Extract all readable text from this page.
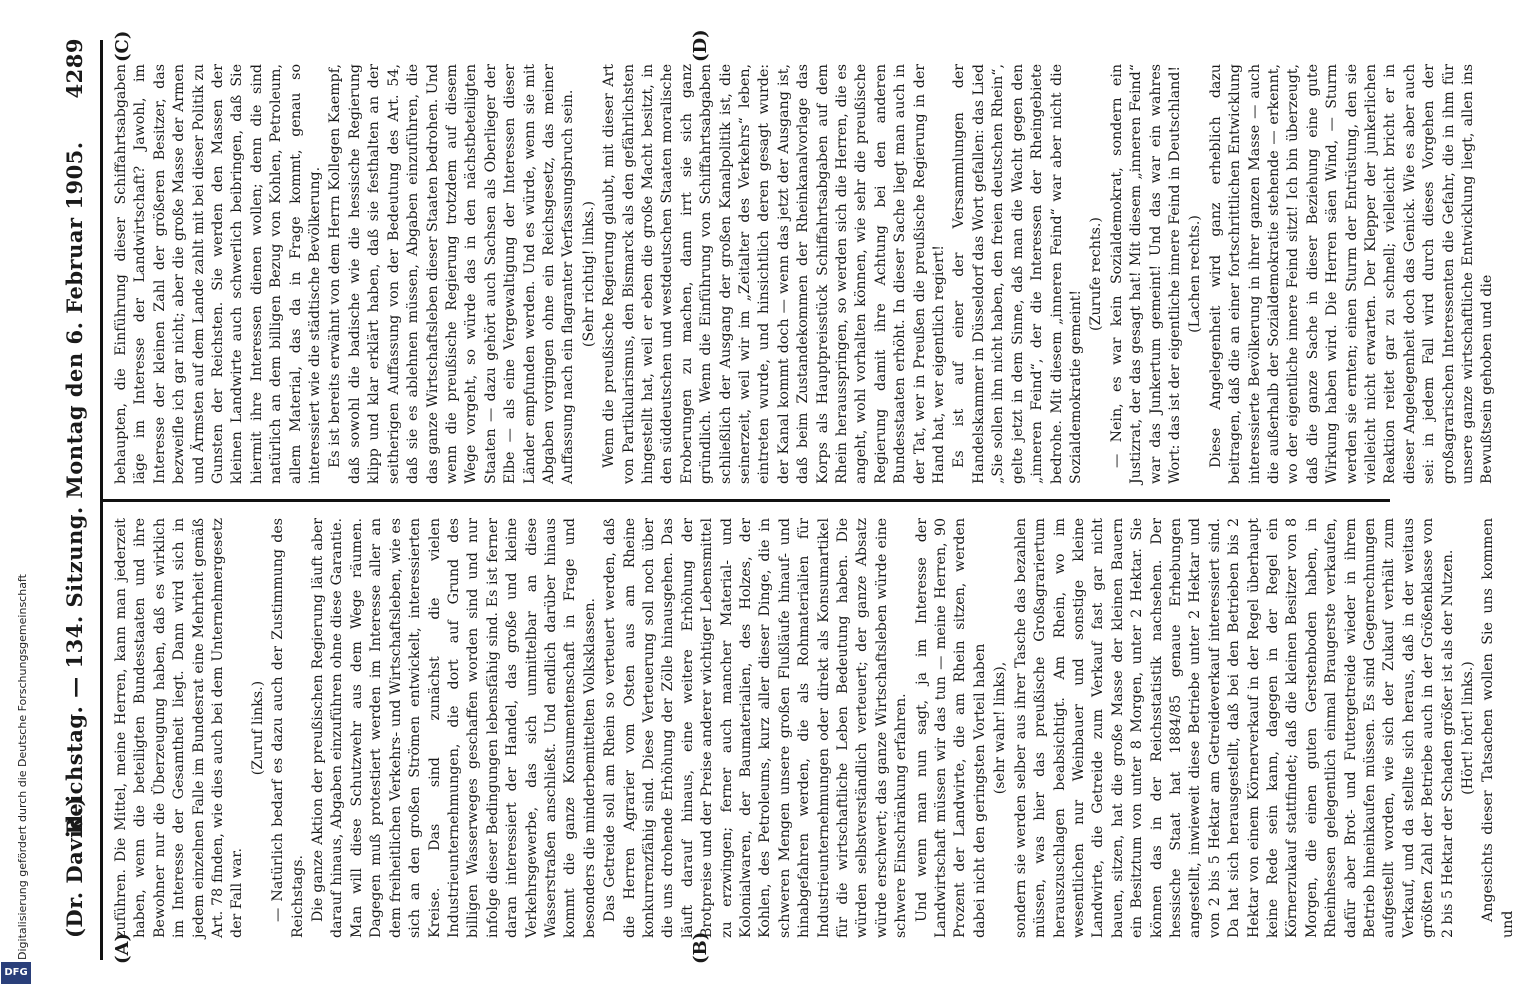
(Dr. David.)
Reichstag. — 134. Sitzung. Montag den 6. Februar 1905.
4289
(A)	(B)
(C)	(D)

zuführen. Die Mittel, meine Herren, kann man jederzeit haben, wenn die beteiligten Bundesstaaten und ihre Bewohner nur die Überzeugung haben, daß es wirklich im Interesse der Gesamtheit liegt. Dann wird sich in jedem einzelnen Falle im Bundesrat eine Mehrheit gemäß Art. 78 finden, wie dies auch bei dem Unternehmergesetz der Fall war.

(Zuruf links.) — Natürlich bedarf es dazu auch der Zustimmung des Reichstags. Die ganze Aktion der preußischen Regierung läuft aber darauf hinaus, Abgaben einzuführen ohne diese Garantie. Man will diese Schutzwehr aus dem Wege räumen. Dagegen muß protestiert werden im Interesse aller an dem freiheitlichen Verkehrs- und Wirtschaftsleben, wie es sich an den großen Strömen entwickelt, interessierten Kreise. Das sind zunächst die vielen Industrieunternehmungen, die dort auf Grund des billigen Wasserweges geschaffen worden sind und nur infolge dieser Bedingungen lebensfähig sind. Es ist ferner daran interessiert der Handel, das große und kleine Verkehrsgewerbe, das sich unmittelbar an diese Wasserstraßen anschließt. Und endlich darüber hinaus kommt die ganze Konsumentenschaft in Frage und besonders die minderbemittelten Volksklassen. Das Getreide soll am Rhein so verteuert werden, daß die Herren Agrarier vom Osten aus am Rheine konkurrenzfähig sind. Diese Verteuerung soll noch über die uns drohende Erhöhung der Zölle hinausgehen. Das läuft darauf hinaus, eine weitere Erhöhung der Brotpreise und der Preise anderer wichtiger Lebensmittel zu erzwingen; ferner auch mancher Material- und Kolonialwaren, der Baumaterialien, des Holzes, der Kohlen, des Petroleums, kurz aller dieser Dinge, die in schweren Mengen unsere großen Flußläufe hinauf- und hinabgefahren werden, die als Rohmaterialien für Industrieunternehmungen oder direkt als Konsumartikel für die wirtschaftliche Leben Bedeutung haben. Die würden selbstverständlich verteuert; der ganze Absatz würde erschwert; das ganze Wirtschaftsleben würde eine schwere Einschränkung erfahren. Und wenn man nun sagt, ja im Interesse der Landwirtschaft müssen wir das tun — meine Herren, 90 Prozent der Landwirte, die am Rhein sitzen, werden dabei nicht den geringsten Vorteil haben (sehr wahr! links), sondern sie werden selber aus ihrer Tasche das bezahlen müssen, was hier das preußische Großagrariertum herauszuschlagen beabsichtigt. Am Rhein, wo im wesentlichen nur Weinbauer und sonstige kleine Landwirte, die Getreide zum Verkauf fast gar nicht bauen, sitzen, hat die große Masse der kleinen Bauern ein Besitztum von unter 8 Morgen, unter 2 Hektar. Sie können das in der Reichsstatistik nachsehen. Der hessische Staat hat 1884/85 genaue Erhebungen angestellt, inwieweit diese Betriebe unter 2 Hektar und von 2 bis 5 Hektar am Getreideverkauf interessiert sind. Da hat sich herausgestellt, daß bei den Betrieben bis 2 Hektar von einem Körnerverkauf in der Regel überhaupt keine Rede sein kann, dagegen in der Regel ein Körnerzukauf stattfindet; daß die kleinen Besitzer von 8 Morgen, die einen guten Gerstenboden haben, in Rheinhessen gelegentlich einmal Braugerste verkaufen, dafür aber Brot- und Futtergetreide wieder in ihrem Betrieb hineinkaufen müssen. Es sind Gegenrechnungen aufgestellt worden, wie sich der Zukauf verhält zum Verkauf, und da stellte sich heraus, daß in der weitaus größten Zahl der Betriebe auch in der Größenklasse von 2 bis 5 Hektar der Schaden größer ist als der Nutzen. (Hört! hört! links.) Angesichts dieser Tatsachen wollen Sie uns kommen und

behaupten, die Einführung dieser Schiffahrtsabgaben läge im Interesse der Landwirtschaft? Jawohl, im Interesse der kleinen Zahl der größeren Besitzer, das bezweifle ich gar nicht; aber die große Masse der Armen und Ärmsten auf dem Lande zahlt mit bei dieser Politik zu Gunsten der Reichsten. Sie werden den Massen der kleinen Landwirte auch schwerlich beibringen, daß Sie hiermit ihre Interessen dienen wollen; denn die sind natürlich an dem billigen Bezug von Kohlen, Petroleum, allem Material, das da in Frage kommt, genau so interessiert wie die städtische Bevölkerung. Es ist bereits erwähnt von dem Herrn Kollegen Kaempf, daß sowohl die badische wie die hessische Regierung klipp und klar erklärt haben, daß sie festhalten an der seitherigen Auffassung von der Bedeutung des Art. 54, daß sie es ablehnen müssen, Abgaben einzuführen, die das ganze Wirtschaftsleben dieser Staaten bedrohen. Und wenn die preußische Regierung trotzdem auf diesem Wege vorgeht, so würde das in den nächstbeteiligten Staaten — dazu gehört auch Sachsen als Oberlieger der Elbe — als eine Vergewaltigung der Interessen dieser Länder empfunden werden. Und es würde, wenn sie mit Abgaben vorgingen ohne ein Reichsgesetz, das meiner Auffassung nach ein flagranter Verfassungsbruch sein. (Sehr richtig! links.) Wenn die preußische Regierung glaubt, mit dieser Art von Partikularismus, den Bismarck als den gefährlichsten hingestellt hat, weil er eben die große Macht besitzt, in den süddeutschen und westdeutschen Staaten moralische Eroberungen zu machen, dann irrt sie sich ganz gründlich. Wenn die Einführung von Schiffahrtsabgaben schließlich der Ausgang der großen Kanalpolitik ist, die seinerzeit, weil wir im „Zeitalter des Verkehrs“ leben, eintreten wurde, und hinsichtlich deren gesagt wurde: der Kanal kommt doch — wenn das jetzt der Ausgang ist, daß beim Zustandekommen der Rheinkanalvorlage das Korps als Hauptpreisstück Schiffahrtsabgaben auf dem Rhein herausspringen, so werden sich die Herren, die es angeht, wohl vorhalten können, wie sehr die preußische Regierung damit ihre Achtung bei den anderen Bundesstaaten erhöht. In dieser Sache liegt man auch in der Tat, wer in Preußen die preußische Regierung in der Hand hat, wer eigentlich regiert! Es ist auf einer der Versammlungen der Handelskammer in Düsseldorf das Wort gefallen: das Lied „Sie sollen ihn nicht haben, den freien deutschen Rhein“, gelte jetzt in dem Sinne, daß man die Wacht gegen den „inneren Feind“, der die Interessen der Rheingebiete bedrohe. Mit diesem „inneren Feind“ war aber nicht die Sozialdemokratie gemeint!

(Zurufe rechts.) — Nein, es war kein Sozialdemokrat, sondern ein Justizrat, der das gesagt hat! Mit diesem „inneren Feind“ war das Junkertum gemeint! Und das war ein wahres Wort: das ist der eigentliche innere Feind in Deutschland! (Lachen rechts.) Diese Angelegenheit wird ganz erheblich dazu beitragen, daß die an einer fortschrittlichen Entwicklung interessierte Bevölkerung in ihrer ganzen Masse — auch die außerhalb der Sozialdemokratie stehende — erkennt, wo der eigentliche innere Feind sitzt! Ich bin überzeugt, daß die ganze Sache in dieser Beziehung eine gute Wirkung haben wird. Die Herren säen Wind, — Sturm werden sie ernten; einen Sturm der Entrüstung, den sie vielleicht nicht erwarten. Der Klepper der junkerlichen Reaktion reitet gar zu schnell; vielleicht bricht er in dieser Angelegenheit doch das Genick. Wie es aber auch sei: in jedem Fall wird durch dieses Vorgehen der großagrarischen Interessenten die Gefahr, die in ihm für unsere ganze wirtschaftliche Entwicklung liegt, allen ins Bewußtsein gehoben und die

Digitalisierung gefördert durch die Deutsche Forschungsgemeinschaft
DFG
